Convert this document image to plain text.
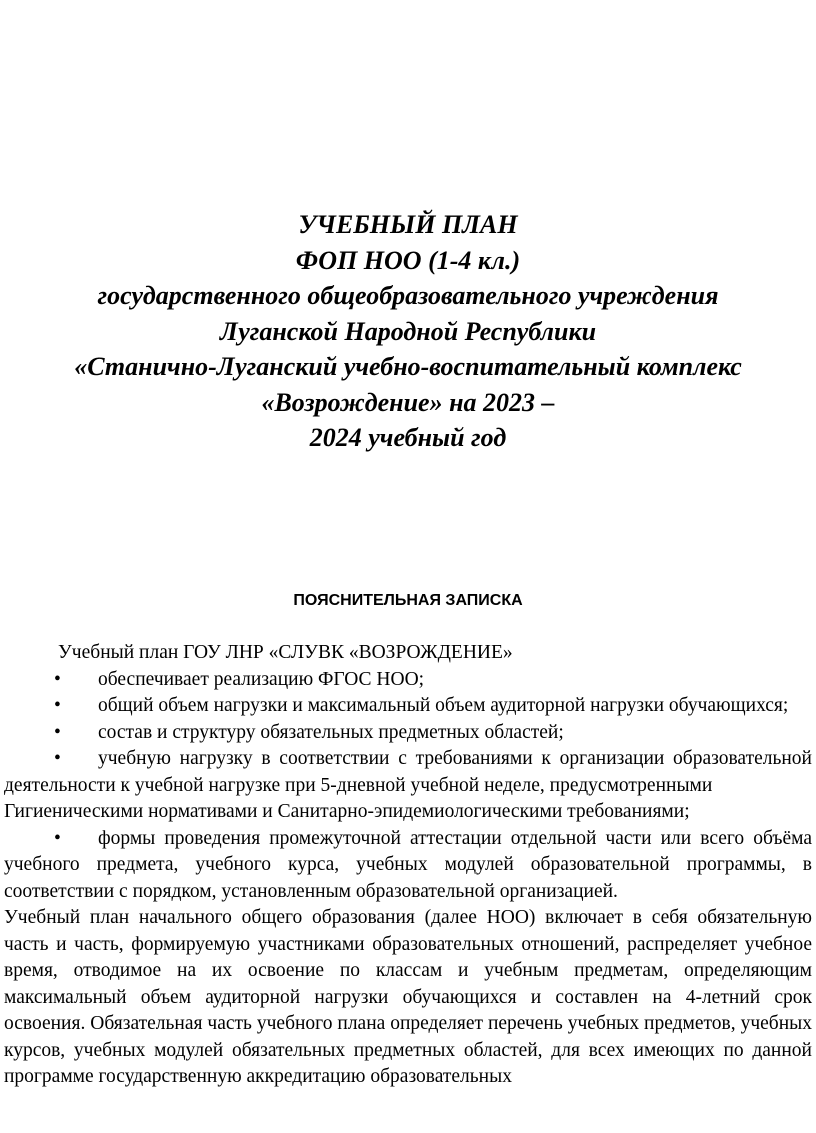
УЧЕБНЫЙ ПЛАН
ФОП НОО (1-4 кл.)
государственного общеобразовательного учреждения
Луганской Народной Республики
«Станично-Луганский учебно-воспитательный комплекс
«Возрождение» на 2023 –
2024 учебный год
ПОЯСНИТЕЛЬНАЯ ЗАПИСКА

Учебный план ГОУ ЛНР «СЛУВК «ВОЗРОЖДЕНИЕ»

• обеспечивает реализацию ФГОС НОО;

• общий объем нагрузки и максимальный объем аудиторной нагрузки обучающихся;

• состав и структуру обязательных предметных областей;

• учебную нагрузку в соответствии с требованиями к организации образовательной деятельности к учебной нагрузке при 5-дневной учебной неделе, предусмотренными

Гигиеническими нормативами и Санитарно-эпидемиологическими требованиями;

• формы проведения промежуточной аттестации отдельной части или всего объёма учебного предмета, учебного курса, учебных модулей образовательной программы, в соответствии с порядком, установленным образовательной организацией.

Учебный план начального общего образования (далее НОО) включает в себя обязательную часть и часть, формируемую участниками образовательных отношений, распределяет учебное время, отводимое на их освоение по классам и учебным предметам, определяющим максимальный объем аудиторной нагрузки обучающихся и составлен на 4-летний срок освоения. Обязательная часть учебного плана определяет перечень учебных предметов, учебных курсов, учебных модулей обязательных предметных областей, для всех имеющих по данной программе государственную аккредитацию образовательных
